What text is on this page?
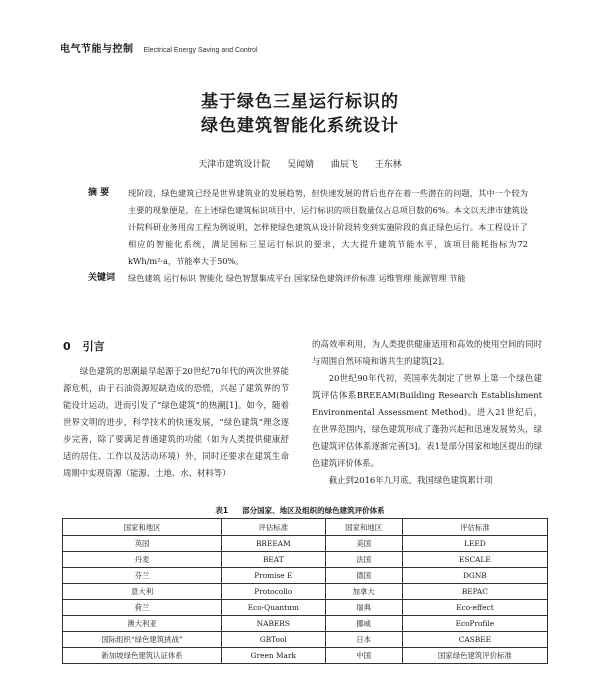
电气节能与控制 Electrical Energy Saving and Control
基于绿色三星运行标识的
绿色建筑智能化系统设计
天津市建筑设计院 吴闻婧 曲辰飞 王东林
摘 要	现阶段，绿色建筑已经是世界建筑业的发展趋势，但快速发展的背后也存在着一些潜在的问题，其中一个较为主要的现象便是，在上述绿色建筑标识项目中，运行标识的项目数量仅占总项目数的6%。本文以天津市建筑设计院科研业务用房工程为例说明，怎样使绿色建筑从设计阶段转变到实施阶段的真正绿色运行。本工程设计了相应的智能化系统，满足国标三星运行标识的要求，大大提升建筑节能水平，该项目能耗指标为72 kWh/m²·a，节能率大于50%。
关键词	绿色建筑 运行标识 智能化 绿色智慧集成平台 国家绿色建筑评价标准 运维管理 能源管理 节能
0 引言

绿色建筑的思潮最早起源于20世纪70年代的两次世界能源危机，由于石油资源短缺造成的恐慌，兴起了建筑界的节能设计运动，进而引发了“绿色建筑”的热潮[1]。如今，随着世界文明的进步，科学技术的快速发展，“绿色建筑”理念逐步完善，除了要满足普通建筑的功能（如为人类提供健康舒适的居住、工作以及活动环境）外，同时还要求在建筑生命周期中实现资源（能源、土地、水、材料等）

的高效率利用，为人类提供健康适用和高效的使用空间的同时与周围自然环境和谐共生的建筑[2]。

20世纪90年代初，英国率先制定了世界上第一个绿色建筑评估体系BREEAM(Building Research Establishment Environmental Assessment Method)。进入21世纪后，在世界范围内，绿色建筑形成了蓬勃兴起和迅速发展势头，绿色建筑评估体系逐渐完善[3]。表1是部分国家和地区提出的绿色建筑评价体系。

截止到2016年九月底，我国绿色建筑累计项

表1 部分国家、地区及组织的绿色建筑评价体系
国家和地区	评估标准	国家和地区	评估标准
英国	BREEAM	美国	LEED
丹麦	BEAT	法国	ESCALE
芬兰	Promise E	德国	DGNB
意大利	Protocollo	加拿大	BEPAC
荷兰	Eco-Quantum	瑞典	Eco-effect
澳大利亚	NABERS	挪威	EcoProfile
国际组织“绿色建筑挑战”	GBTool	日本	CASBEE
新加坡绿色建筑认证体系	Green Mark	中国	国家绿色建筑评价标准
